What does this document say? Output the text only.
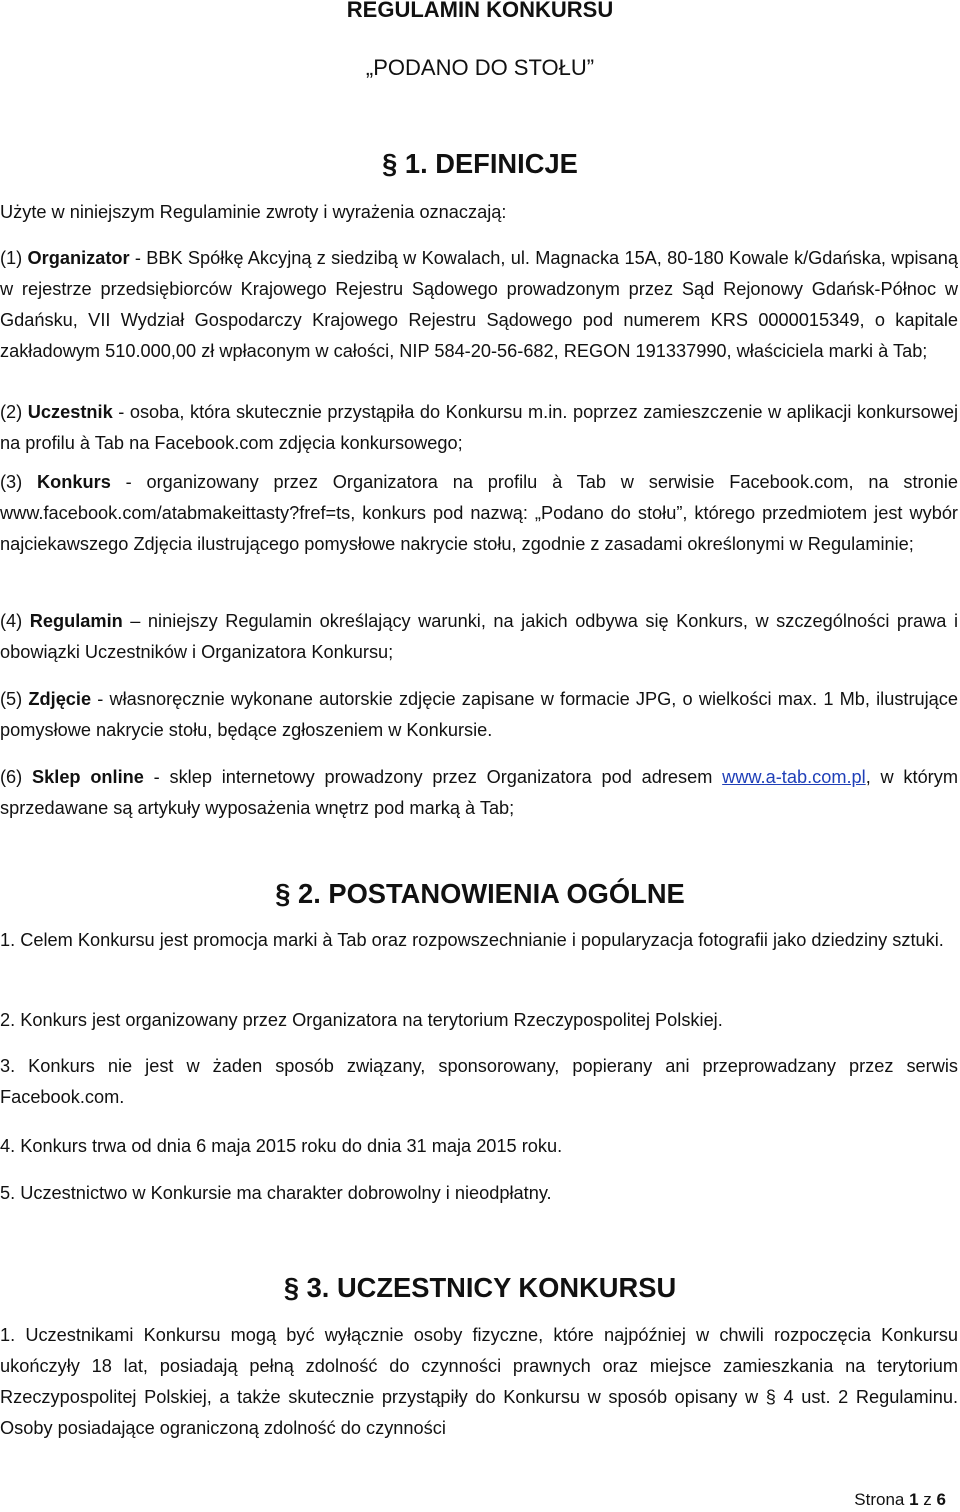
REGULAMIN KONKURSU

„PODANO DO STOŁU”

§ 1. DEFINICJE

Użyte w niniejszym Regulaminie zwroty i wyrażenia oznaczają:

(1) Organizator - BBK Spółkę Akcyjną z siedzibą w Kowalach, ul. Magnacka 15A, 80-180 Kowale k/Gdańska, wpisaną w rejestrze przedsiębiorców Krajowego Rejestru Sądowego prowadzonym przez Sąd Rejonowy Gdańsk-Północ w Gdańsku, VII Wydział Gospodarczy Krajowego Rejestru Sądowego pod numerem KRS 0000015349, o kapitale zakładowym 510.000,00 zł wpłaconym w całości, NIP 584-20-56-682, REGON 191337990, właściciela marki à Tab;

(2) Uczestnik - osoba, która skutecznie przystąpiła do Konkursu m.in. poprzez zamieszczenie w aplikacji konkursowej na profilu à Tab na Facebook.com zdjęcia konkursowego;

(3) Konkurs - organizowany przez Organizatora na profilu à Tab w serwisie Facebook.com, na stronie www.facebook.com/atabmakeittasty?fref=ts, konkurs pod nazwą: „Podano do stołu”, którego przedmiotem jest wybór najciekawszego Zdjęcia ilustrującego pomysłowe nakrycie stołu, zgodnie z zasadami określonymi w Regulaminie;

(4) Regulamin – niniejszy Regulamin określający warunki, na jakich odbywa się Konkurs, w szczególności prawa i obowiązki Uczestników i Organizatora Konkursu;

(5) Zdjęcie - własnoręcznie wykonane autorskie zdjęcie zapisane w formacie JPG, o wielkości max. 1 Mb, ilustrujące pomysłowe nakrycie stołu, będące zgłoszeniem w Konkursie.

(6) Sklep online - sklep internetowy prowadzony przez Organizatora pod adresem www.a-tab.com.pl, w którym sprzedawane są artykuły wyposażenia wnętrz pod marką à Tab;

§ 2. POSTANOWIENIA OGÓLNE

1. Celem Konkursu jest promocja marki à Tab oraz rozpowszechnianie i popularyzacja fotografii jako dziedziny sztuki.

2. Konkurs jest organizowany przez Organizatora na terytorium Rzeczypospolitej Polskiej.

3. Konkurs nie jest w żaden sposób związany, sponsorowany, popierany ani przeprowadzany przez serwis Facebook.com.

4. Konkurs trwa od dnia 6 maja 2015 roku do dnia 31 maja 2015 roku.

5. Uczestnictwo w Konkursie ma charakter dobrowolny i nieodpłatny.

§ 3. UCZESTNICY KONKURSU

1. Uczestnikami Konkursu mogą być wyłącznie osoby fizyczne, które najpóźniej w chwili rozpoczęcia Konkursu ukończyły 18 lat, posiadają pełną zdolność do czynności prawnych oraz miejsce zamieszkania na terytorium Rzeczypospolitej Polskiej, a także skutecznie przystąpiły do Konkursu w sposób opisany w § 4 ust. 2 Regulaminu. Osoby posiadające ograniczoną zdolność do czynności

Strona 1 z 6
